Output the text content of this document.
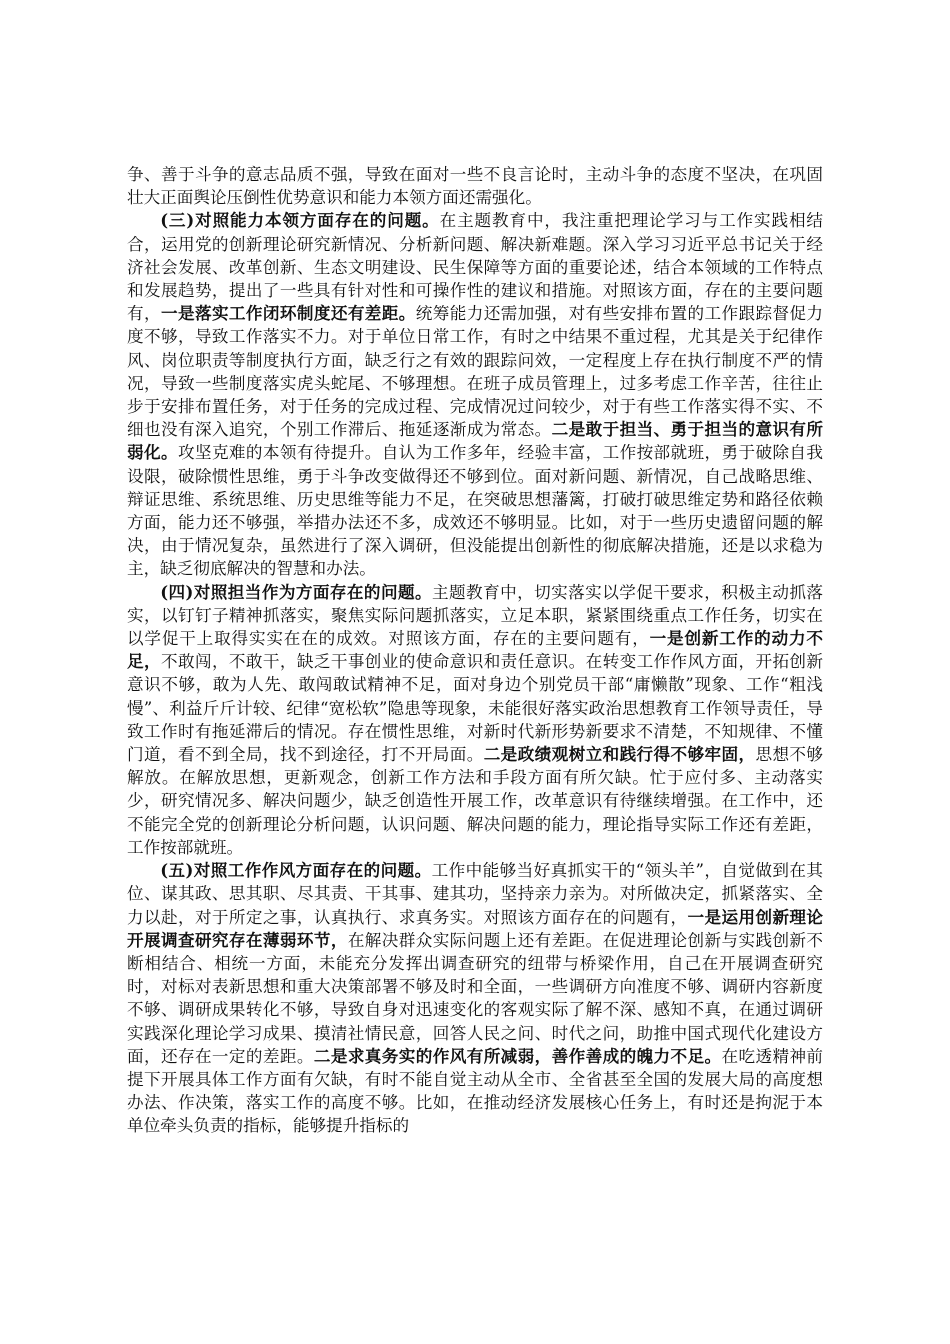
争、善于斗争的意志品质不强，导致在面对一些不良言论时，主动斗争的态度不坚决，在巩固壮大正面舆论压倒性优势意识和能力本领方面还需强化。

(三)对照能力本领方面存在的问题。在主题教育中，我注重把理论学习与工作实践相结合，运用党的创新理论研究新情况、分析新问题、解决新难题。深入学习习近平总书记关于经济社会发展、改革创新、生态文明建设、民生保障等方面的重要论述，结合本领域的工作特点和发展趋势，提出了一些具有针对性和可操作性的建议和措施。对照该方面，存在的主要问题有，一是落实工作闭环制度还有差距。统筹能力还需加强，对有些安排布置的工作跟踪督促力度不够，导致工作落实不力。对于单位日常工作，有时之中结果不重过程，尤其是关于纪律作风、岗位职责等制度执行方面，缺乏行之有效的跟踪问效，一定程度上存在执行制度不严的情况，导致一些制度落实虎头蛇尾、不够理想。在班子成员管理上，过多考虑工作辛苦，往往止步于安排布置任务，对于任务的完成过程、完成情况过问较少，对于有些工作落实得不实、不细也没有深入追究，个别工作滞后、拖延逐渐成为常态。二是敢于担当、勇于担当的意识有所弱化。攻坚克难的本领有待提升。自认为工作多年，经验丰富，工作按部就班，勇于破除自我设限，破除惯性思维，勇于斗争改变做得还不够到位。面对新问题、新情况，自己战略思维、辩证思维、系统思维、历史思维等能力不足，在突破思想藩篱，打破打破思维定势和路径依赖方面，能力还不够强，举措办法还不多，成效还不够明显。比如，对于一些历史遗留问题的解决，由于情况复杂，虽然进行了深入调研，但没能提出创新性的彻底解决措施，还是以求稳为主，缺乏彻底解决的智慧和办法。

(四)对照担当作为方面存在的问题。主题教育中，切实落实以学促干要求，积极主动抓落实，以钉钉子精神抓落实，聚焦实际问题抓落实，立足本职，紧紧围绕重点工作任务，切实在以学促干上取得实实在在的成效。对照该方面，存在的主要问题有，一是创新工作的动力不足，不敢闯，不敢干，缺乏干事创业的使命意识和责任意识。在转变工作作风方面，开拓创新意识不够，敢为人先、敢闯敢试精神不足，面对身边个别党员干部“庸懒散”现象、工作“粗浅慢”、利益斤斤计较、纪律“宽松软”隐患等现象，未能很好落实政治思想教育工作领导责任，导致工作时有拖延滞后的情况。存在惯性思维，对新时代新形势新要求不清楚，不知规律、不懂门道，看不到全局，找不到途径，打不开局面。二是政绩观树立和践行得不够牢固，思想不够解放。在解放思想，更新观念，创新工作方法和手段方面有所欠缺。忙于应付多、主动落实少，研究情况多、解决问题少，缺乏创造性开展工作，改革意识有待继续增强。在工作中，还不能完全党的创新理论分析问题，认识问题、解决问题的能力，理论指导实际工作还有差距，工作按部就班。

(五)对照工作作风方面存在的问题。工作中能够当好真抓实干的“领头羊”，自觉做到在其位、谋其政、思其职、尽其责、干其事、建其功，坚持亲力亲为。对所做决定，抓紧落实、全力以赴，对于所定之事，认真执行、求真务实。对照该方面存在的问题有，一是运用创新理论开展调查研究存在薄弱环节，在解决群众实际问题上还有差距。在促进理论创新与实践创新不断相结合、相统一方面，未能充分发挥出调查研究的纽带与桥梁作用，自己在开展调查研究时，对标对表新思想和重大决策部署不够及时和全面，一些调研方向准度不够、调研内容新度不够、调研成果转化不够，导致自身对迅速变化的客观实际了解不深、感知不真，在通过调研实践深化理论学习成果、摸清社情民意，回答人民之问、时代之问，助推中国式现代化建设方面，还存在一定的差距。二是求真务实的作风有所减弱，善作善成的魄力不足。在吃透精神前提下开展具体工作方面有欠缺，有时不能自觉主动从全市、全省甚至全国的发展大局的高度想办法、作决策，落实工作的高度不够。比如，在推动经济发展核心任务上，有时还是拘泥于本单位牵头负责的指标，能够提升指标的
